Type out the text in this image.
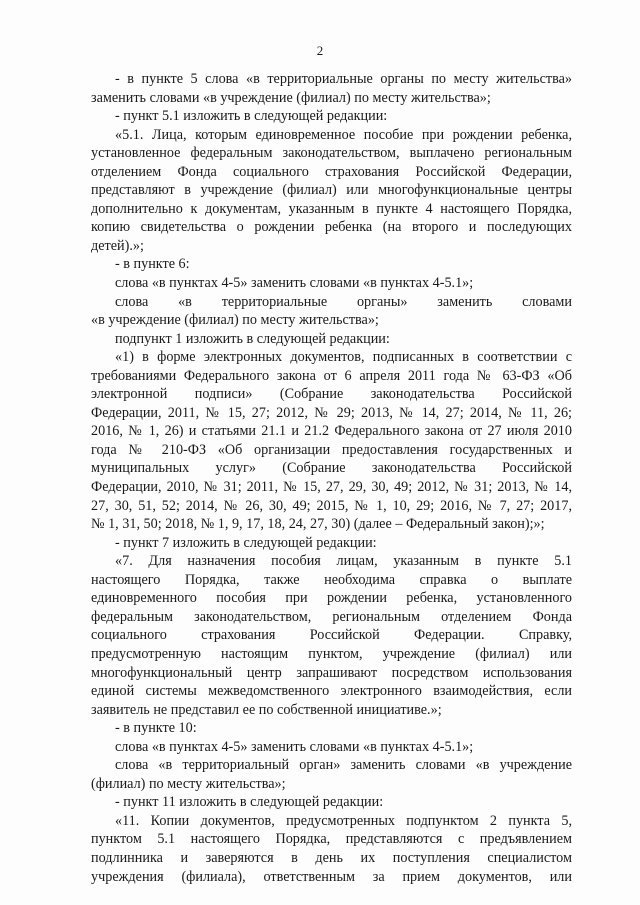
2
- в пункте 5 слова «в территориальные органы по месту жительства»
заменить словами «в учреждение (филиал) по месту жительства»;
- пункт 5.1 изложить в следующей редакции:
«5.1. Лица, которым единовременное пособие при рождении ребенка,
установленное федеральным законодательством, выплачено региональным
отделением Фонда социального страхования Российской Федерации,
представляют в учреждение (филиал) или многофункциональные центры
дополнительно к документам, указанным в пункте 4 настоящего Порядка,
копию свидетельства о рождении ребенка (на второго и последующих
детей).»;
- в пункте 6:
слова «в пунктах 4-5» заменить словами «в пунктах 4-5.1»;
слова «в территориальные органы» заменить словами
«в учреждение (филиал) по месту жительства»;
подпункт 1 изложить в следующей редакции:
«1) в форме электронных документов, подписанных в соответствии с
требованиями Федерального закона от 6 апреля 2011 года № 63-ФЗ «Об
электронной подписи» (Собрание законодательства Российской
Федерации, 2011, № 15, 27; 2012, № 29; 2013, № 14, 27; 2014, № 11, 26;
2016, № 1, 26) и статьями 21.1 и 21.2 Федерального закона от 27 июля 2010
года № 210-ФЗ «Об организации предоставления государственных и
муниципальных услуг» (Собрание законодательства Российской
Федерации, 2010, № 31; 2011, № 15, 27, 29, 30, 49; 2012, № 31; 2013, № 14,
27, 30, 51, 52; 2014, № 26, 30, 49; 2015, № 1, 10, 29; 2016, № 7, 27; 2017,
№ 1, 31, 50; 2018, № 1, 9, 17, 18, 24, 27, 30) (далее – Федеральный закон);»;
- пункт 7 изложить в следующей редакции:
«7. Для назначения пособия лицам, указанным в пункте 5.1
настоящего Порядка, также необходима справка о выплате
единовременного пособия при рождении ребенка, установленного
федеральным законодательством, региональным отделением Фонда
социального страхования Российской Федерации. Справку,
предусмотренную настоящим пунктом, учреждение (филиал) или
многофункциональный центр запрашивают посредством использования
единой системы межведомственного электронного взаимодействия, если
заявитель не представил ее по собственной инициативе.»;
- в пункте 10:
слова «в пунктах 4-5» заменить словами «в пунктах 4-5.1»;
слова «в территориальный орган» заменить словами «в учреждение
(филиал) по месту жительства»;
- пункт 11 изложить в следующей редакции:
«11. Копии документов, предусмотренных подпунктом 2 пункта 5,
пунктом 5.1 настоящего Порядка, представляются с предъявлением
подлинника и заверяются в день их поступления специалистом
учреждения (филиала), ответственным за прием документов, или
